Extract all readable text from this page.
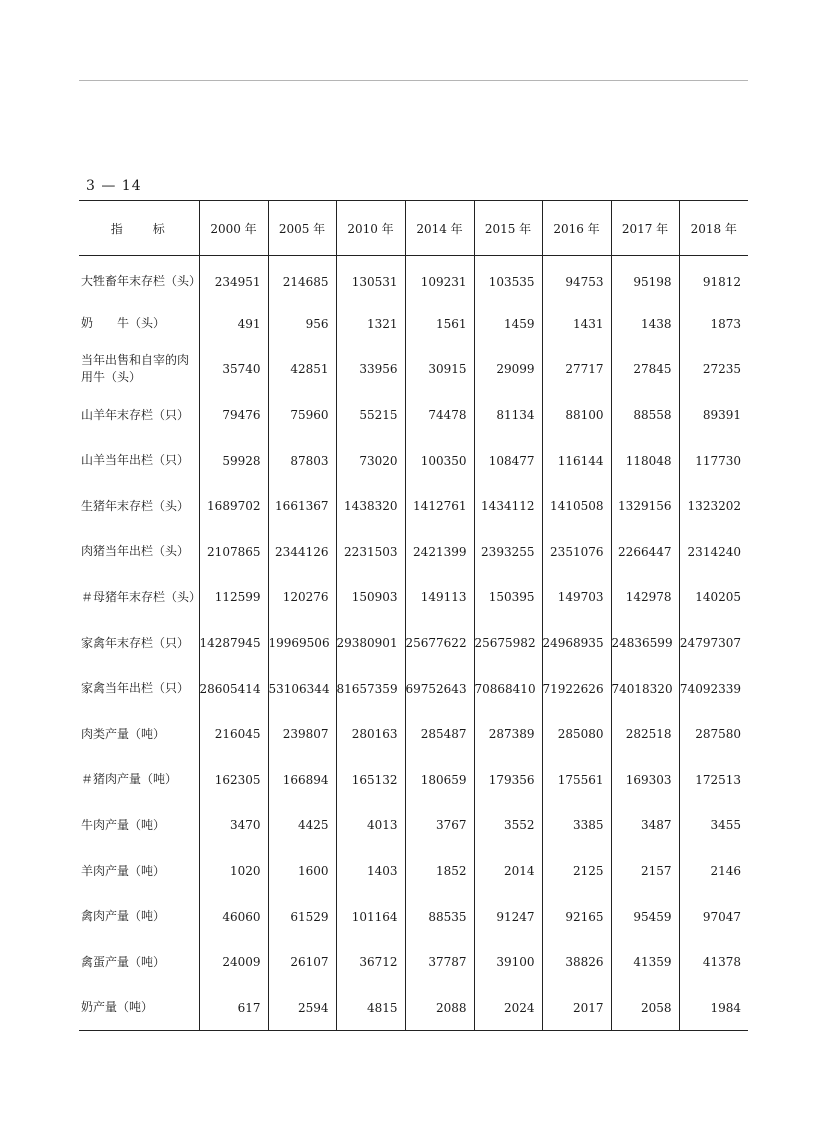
3 — 14
指　　标	2000 年	2005 年	2010 年	2014 年	2015 年	2016 年	2017 年	2018 年
大牲畜年末存栏（头）	234951	214685	130531	109231	103535	94753	95198	91812
奶　　牛（头）	491	956	1321	1561	1459	1431	1438	1873
当年出售和自宰的肉用牛（头）	35740	42851	33956	30915	29099	27717	27845	27235
山羊年末存栏（只）	79476	75960	55215	74478	81134	88100	88558	89391
山羊当年出栏（只）	59928	87803	73020	100350	108477	116144	118048	117730
生猪年末存栏（头）	1689702	1661367	1438320	1412761	1434112	1410508	1329156	1323202
肉猪当年出栏（头）	2107865	2344126	2231503	2421399	2393255	2351076	2266447	2314240
＃母猪年末存栏（头）	112599	120276	150903	149113	150395	149703	142978	140205
家禽年末存栏（只）	14287945	19969506	29380901	25677622	25675982	24968935	24836599	24797307
家禽当年出栏（只）	28605414	53106344	81657359	69752643	70868410	71922626	74018320	74092339
肉类产量（吨）	216045	239807	280163	285487	287389	285080	282518	287580
＃猪肉产量（吨）	162305	166894	165132	180659	179356	175561	169303	172513
牛肉产量（吨）	3470	4425	4013	3767	3552	3385	3487	3455
羊肉产量（吨）	1020	1600	1403	1852	2014	2125	2157	2146
禽肉产量（吨）	46060	61529	101164	88535	91247	92165	95459	97047
禽蛋产量（吨）	24009	26107	36712	37787	39100	38826	41359	41378
奶产量（吨）	617	2594	4815	2088	2024	2017	2058	1984
